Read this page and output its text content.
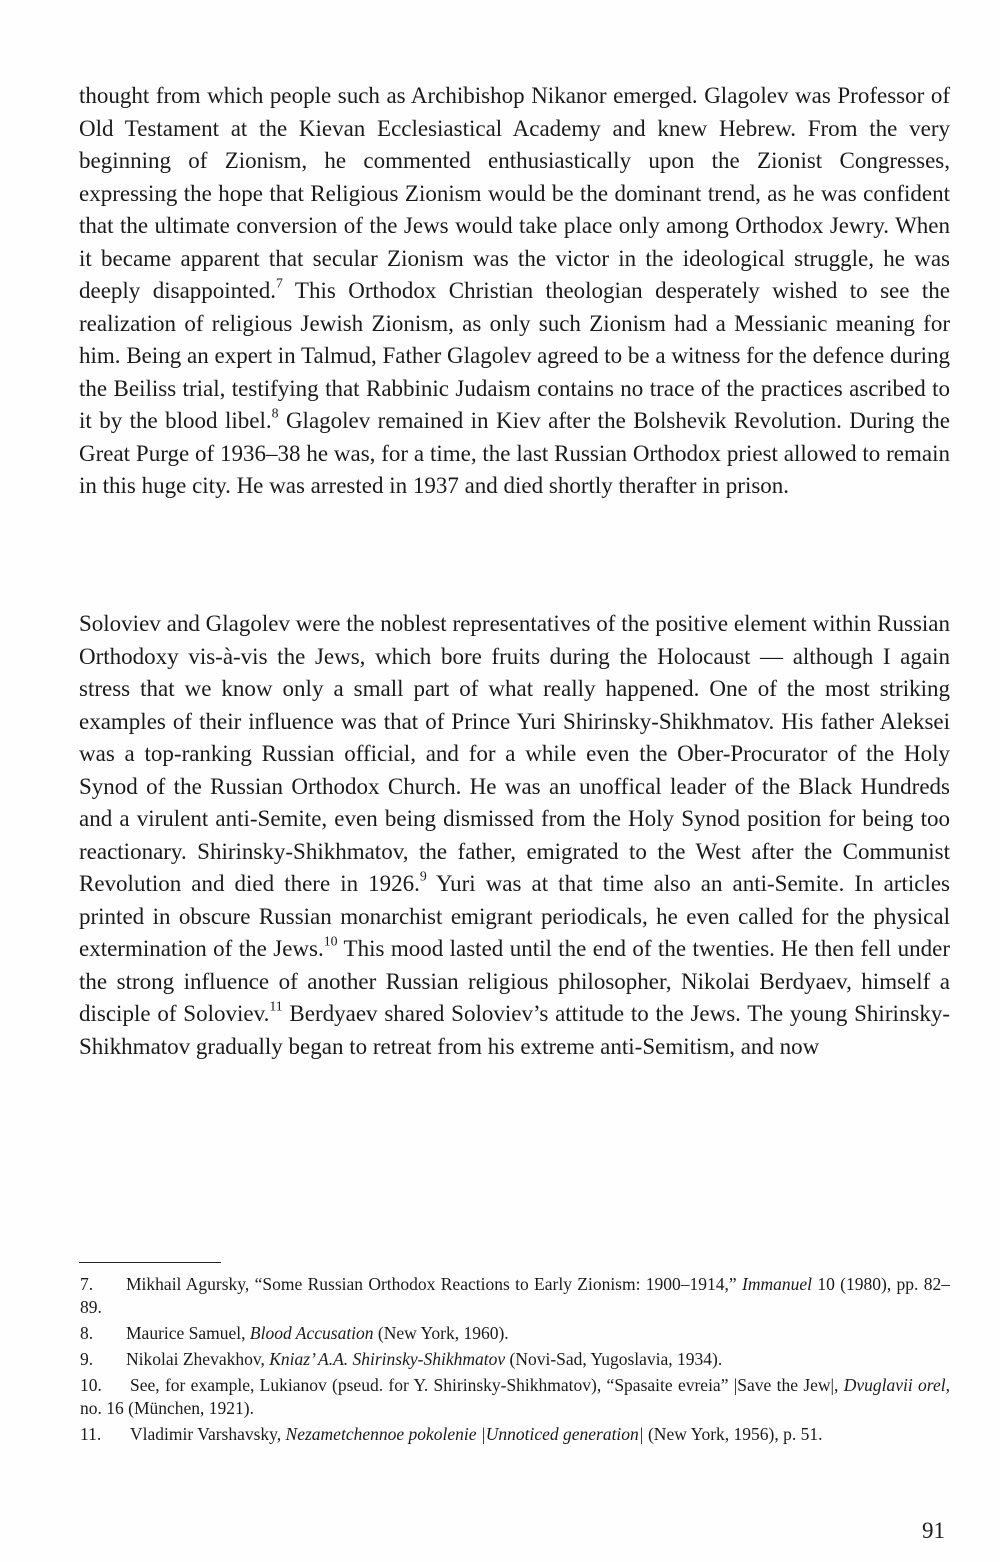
thought from which people such as Archibishop Nikanor emerged. Glagolev was Professor of Old Testament at the Kievan Ecclesiastical Academy and knew Hebrew. From the very beginning of Zionism, he commented enthusiastically upon the Zionist Congresses, expressing the hope that Religious Zionism would be the dominant trend, as he was confident that the ultimate conversion of the Jews would take place only among Orthodox Jewry. When it became apparent that secular Zionism was the victor in the ideological struggle, he was deeply disappointed.$^7$ This Orthodox Christian theologian desperately wished to see the realization of religious Jewish Zionism, as only such Zionism had a Messianic meaning for him. Being an expert in Talmud, Father Glagolev agreed to be a witness for the defence during the Beiliss trial, testifying that Rabbinic Judaism contains no trace of the practices ascribed to it by the blood libel.$^8$ Glagolev remained in Kiev after the Bolshevik Revolution. During the Great Purge of 1936–38 he was, for a time, the last Russian Orthodox priest allowed to remain in this huge city. He was arrested in 1937 and died shortly therafter in prison.

Soloviev and Glagolev were the noblest representatives of the positive element within Russian Orthodoxy vis-à-vis the Jews, which bore fruits during the Holocaust — although I again stress that we know only a small part of what really happened. One of the most striking examples of their influence was that of Prince Yuri Shirinsky-Shikhmatov. His father Aleksei was a top-ranking Russian official, and for a while even the Ober-Procurator of the Holy Synod of the Russian Orthodox Church. He was an unoffical leader of the Black Hundreds and a virulent anti-Semite, even being dismissed from the Holy Synod position for being too reactionary. Shirinsky-Shikhmatov, the father, emigrated to the West after the Communist Revolution and died there in 1926.$^9$ Yuri was at that time also an anti-Semite. In articles printed in obscure Russian monarchist emigrant periodicals, he even called for the physical extermination of the Jews.$^{10}$ This mood lasted until the end of the twenties. He then fell under the strong influence of another Russian religious philosopher, Nikolai Berdyaev, himself a disciple of Soloviev.$^{11}$ Berdyaev shared Soloviev’s attitude to the Jews. The young Shirinsky-Shikhmatov gradually began to retreat from his extreme anti-Semitism, and now

7. Mikhail Agursky, “Some Russian Orthodox Reactions to Early Zionism: 1900–1914,” Immanuel 10 (1980), pp. 82–89.

8. Maurice Samuel, Blood Accusation (New York, 1960).

9. Nikolai Zhevakhov, Kniaz’ A.A. Shirinsky-Shikhmatov (Novi-Sad, Yugoslavia, 1934).

10. See, for example, Lukianov (pseud. for Y. Shirinsky-Shikhmatov), “Spasaite evreia” |Save the Jew|, Dvuglavii orel, no. 16 (München, 1921).

11. Vladimir Varshavsky, Nezametchennoe pokolenie |Unnoticed generation| (New York, 1956), p. 51.

91
